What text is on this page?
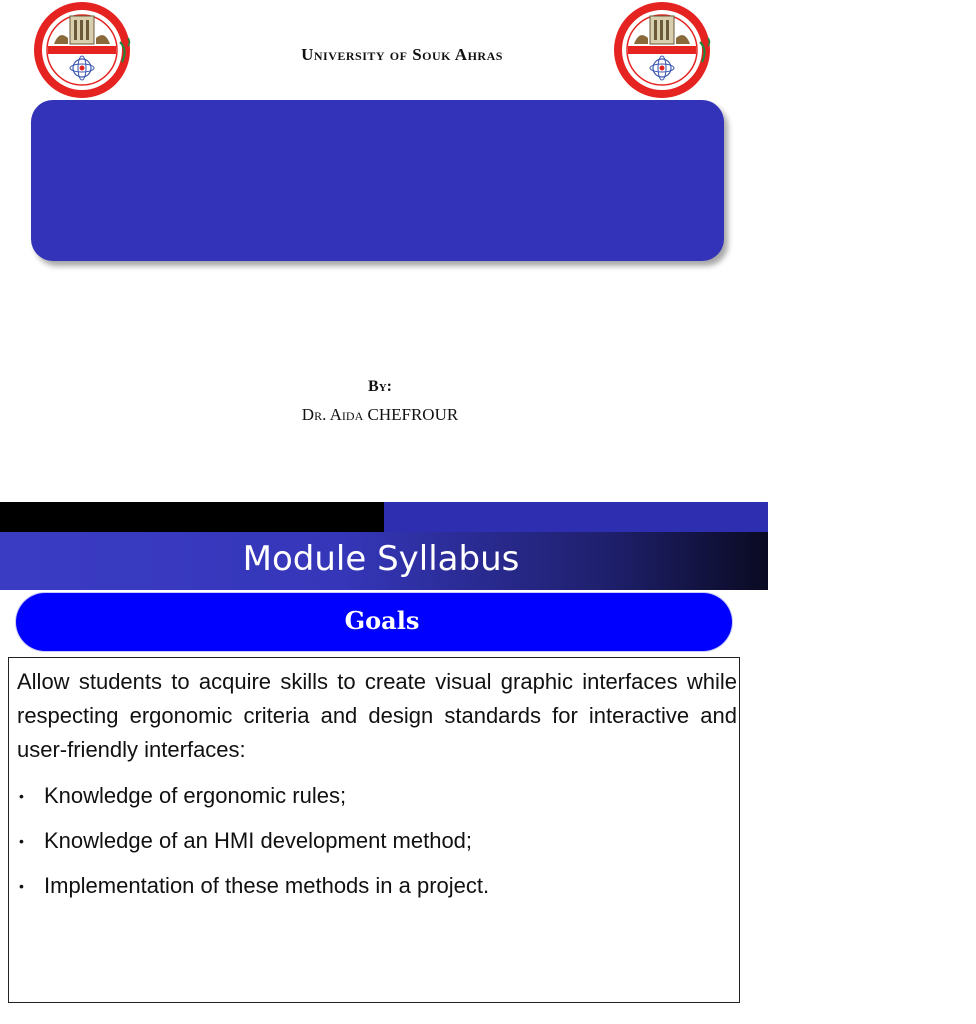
University of Souk Ahras
By:
Dr. Aida CHEFROUR
University of Souk Ahras
Module Syllabus
Goals

Allow students to acquire skills to create visual graphic interfaces while respecting ergonomic criteria and design standards for interactive and user-friendly interfaces:

• Knowledge of ergonomic rules;
• Knowledge of an HMI development method;
• Implementation of these methods in a project.
